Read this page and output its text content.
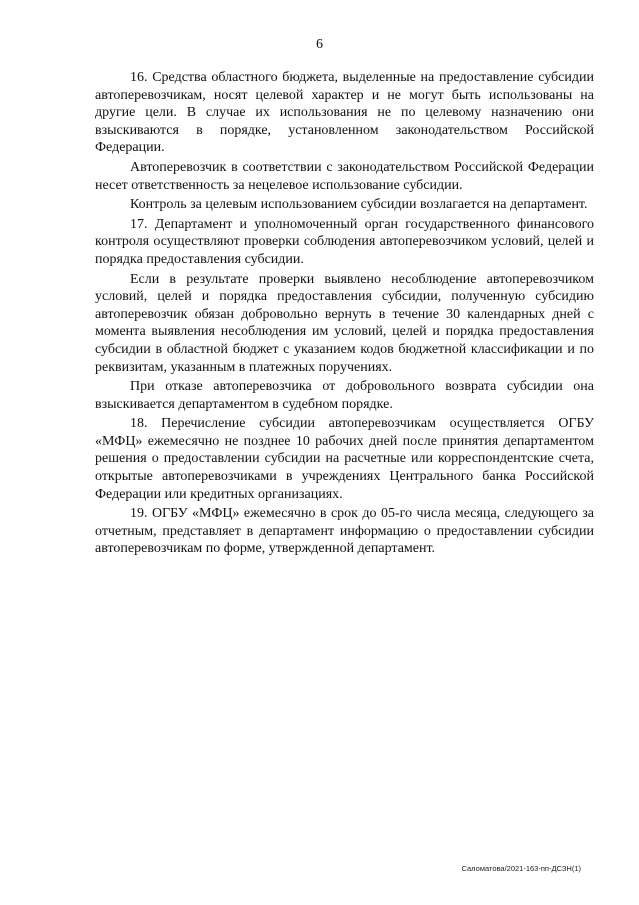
6

16. Средства областного бюджета, выделенные на предоставление субсидии автоперевозчикам, носят целевой характер и не могут быть использованы на другие цели. В случае их использования не по целевому назначению они взыскиваются в порядке, установленном законодательством Российской Федерации.

Автоперевозчик в соответствии с законодательством Российской Федерации несет ответственность за нецелевое использование субсидии.

Контроль за целевым использованием субсидии возлагается на департамент.

17. Департамент и уполномоченный орган государственного финансового контроля осуществляют проверки соблюдения автоперевозчиком условий, целей и порядка предоставления субсидии.

Если в результате проверки выявлено несоблюдение автоперевозчиком условий, целей и порядка предоставления субсидии, полученную субсидию автоперевозчик обязан добровольно вернуть в течение 30 календарных дней с момента выявления несоблюдения им условий, целей и порядка предоставления субсидии в областной бюджет с указанием кодов бюджетной классификации и по реквизитам, указанным в платежных поручениях.

При отказе автоперевозчика от добровольного возврата субсидии она взыскивается департаментом в судебном порядке.

18. Перечисление субсидии автоперевозчикам осуществляется ОГБУ «МФЦ» ежемесячно не позднее 10 рабочих дней после принятия департаментом решения о предоставлении субсидии на расчетные или корреспондентские счета, открытые автоперевозчиками в учреждениях Центрального банка Российской Федерации или кредитных организациях.

19. ОГБУ «МФЦ» ежемесячно в срок до 05-го числа месяца, следующего за отчетным, представляет в департамент информацию о предоставлении субсидии автоперевозчикам по форме, утвержденной департамент.

Саломатова/2021-163-пп-ДСЗН(1)
